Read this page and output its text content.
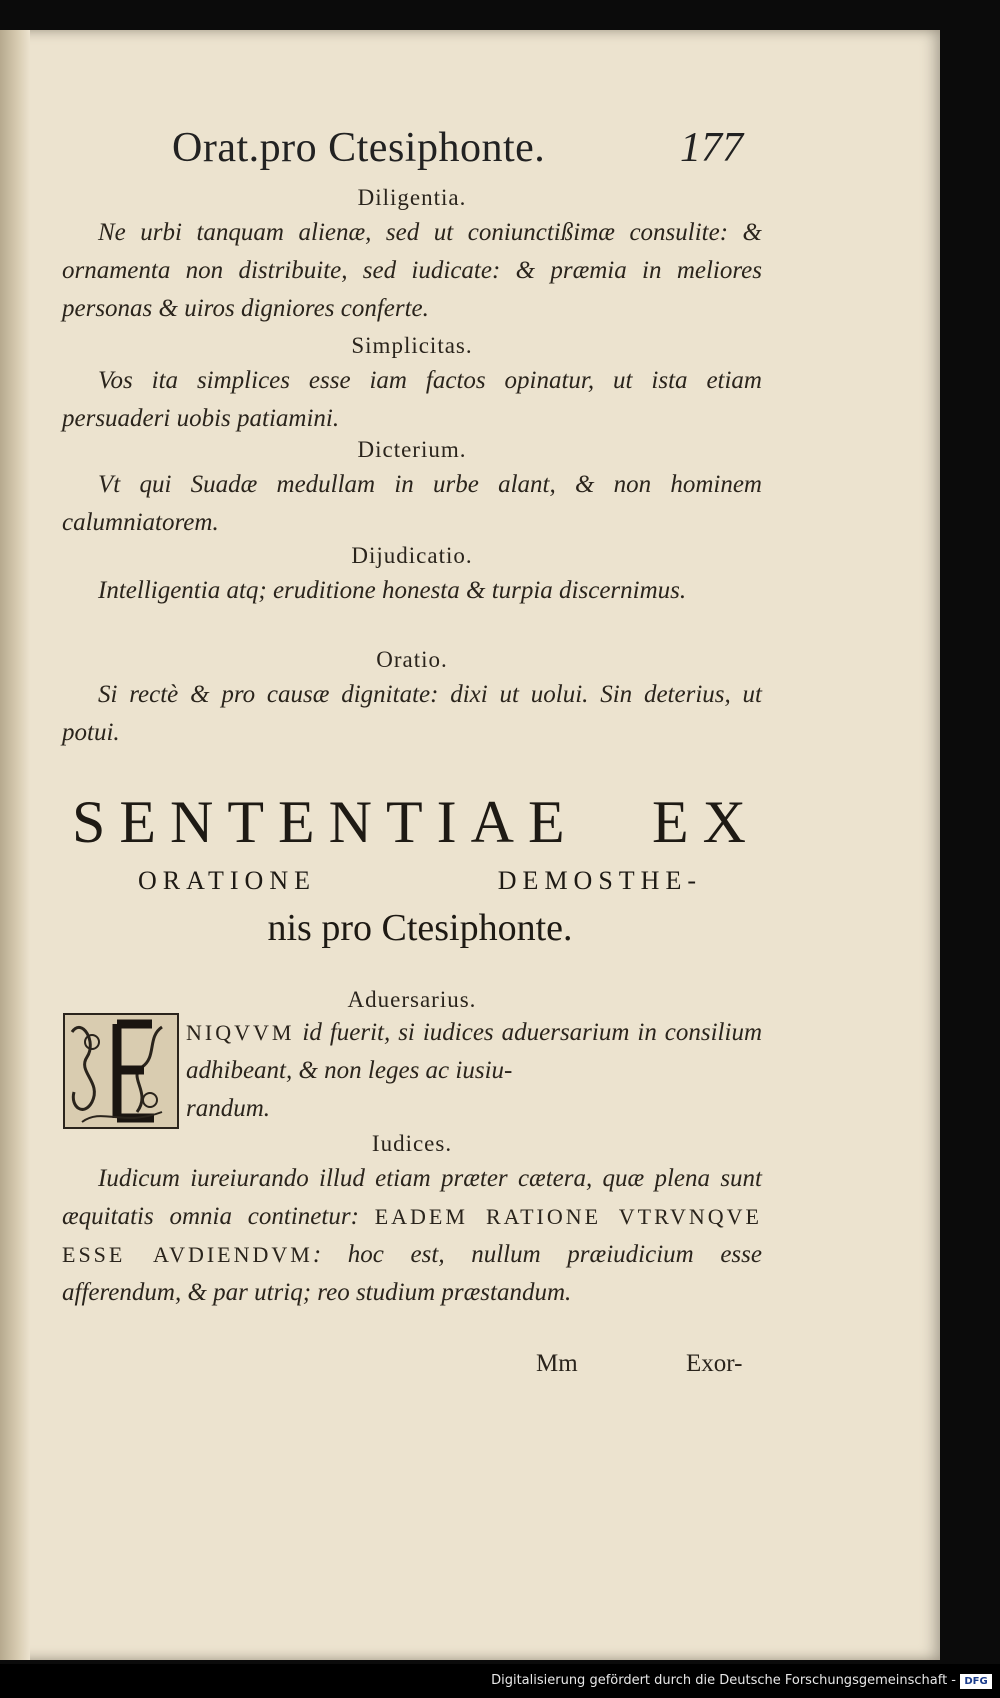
Orat.pro Ctesiphonte.	177
Diligentia.

Ne urbi tanquam alienæ, sed ut coniunctißimæ consulite: & ornamenta non distribuite, sed iudicate: & præmia in meliores personas & uiros digniores conferte.

Simplicitas.

Vos ita simplices esse iam factos opinatur, ut ista etiam persuaderi uobis patiamini.

Dicterium.

Vt qui Suadæ medullam in urbe alant, & non hominem calumniatorem.

Dijudicatio.

Intelligentia atq; eruditione honesta & turpia discernimus.

Oratio.

Si rectè & pro causæ dignitate: dixi ut uolui. Sin deterius, ut potui.

SENTENTIAE EX
ORATIONE DEMOSTHE-
nis pro Ctesiphonte.
Aduersarius.
NIQVVM id fuerit, si iudices aduersarium in consilium adhibeant, & non leges ac iusiu-
randum.
Iudices.

Iudicum iureiurando illud etiam præter cætera, quæ plena sunt æquitatis omnia continetur: EADEM RATIONE VTRVNQVE ESSE AVDIENDVM: hoc est, nullum præiudicium esse afferendum, & par utriq; reo studium præstandum.

Mm	Exor-
Digitalisierung gefördert durch die Deutsche Forschungsgemeinschaft - DFG
